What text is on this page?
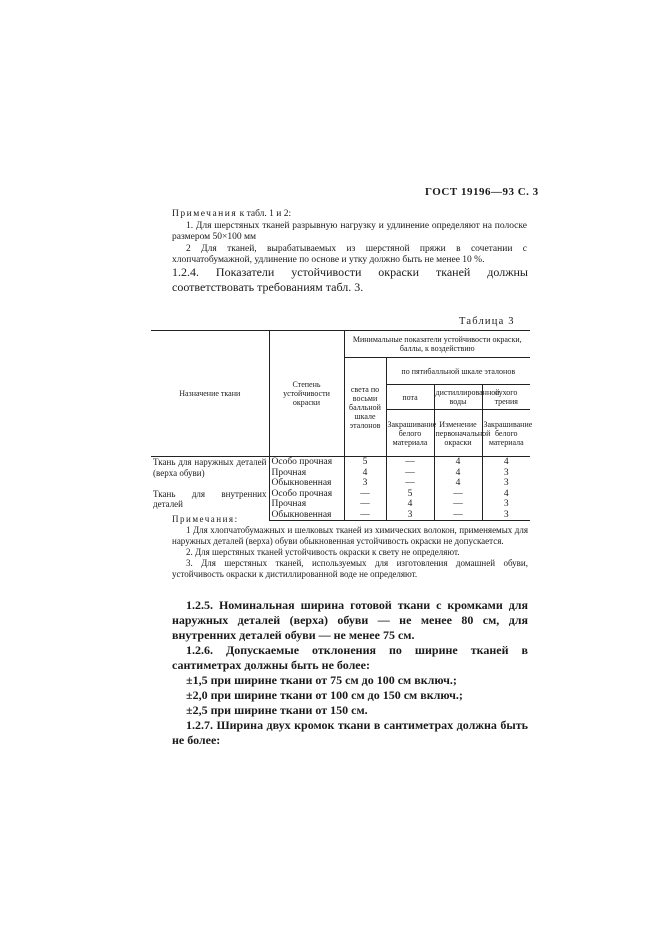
ГОСТ 19196—93 С. 3

Примечания к табл. 1 и 2:

1. Для шерстяных тканей разрывную нагрузку и удлинение определяют на полоске размером 50×100 мм

2 Для тканей, вырабатываемых из шерстяной пряжи в сочетании с хлопчатобумажной, удлинение по основе и утку должно быть не менее 10 %.

1.2.4. Показатели устойчивости окраски тканей должны соответствовать требованиям табл. 3.
Таблица 3
Назначение ткани	Степень устойчивости окраски	Минимальные показатели устойчивости окраски, баллы, к воздействию			
		света по восьми балльной шкале эталонов	по пятибалльной шкале эталонов		
			пота	дистиллированной воды	сухого трения
			Закрашивание белого материала	Изменение первоначальной окраски	Закрашивание белого материала
Ткань для наружных деталей (верха обуви)	Особо прочная	5	—	4	4
	Прочная	4	—	4	3
	Обыкновенная	3	—	4	3
Ткань для внутренних деталей	Особо прочная	—	5	—	4
	Прочная	—	4	—	3
	Обыкновенная	—	3	—	3

Примечания:

1 Для хлопчатобумажных и шелковых тканей из химических волокон, применяемых для наружных деталей (верха) обуви обыкновенная устойчивость окраски не допускается.

2. Для шерстяных тканей устойчивость окраски к свету не определяют.

3. Для шерстяных тканей, используемых для изготовления домашней обуви, устойчивость окраски к дистиллированной воде не определяют.

1.2.5. Номинальная ширина готовой ткани с кромками для наружных деталей (верха) обуви — не менее 80 см, для внутренних деталей обуви — не менее 75 см.

1.2.6. Допускаемые отклонения по ширине тканей в сантиметрах должны быть не более:

±1,5 при ширине ткани от 75 см до 100 см включ.;

±2,0 при ширине ткани от 100 см до 150 см включ.;

±2,5 при ширине ткани от 150 см.

1.2.7. Ширина двух кромок ткани в сантиметрах должна быть не более:
